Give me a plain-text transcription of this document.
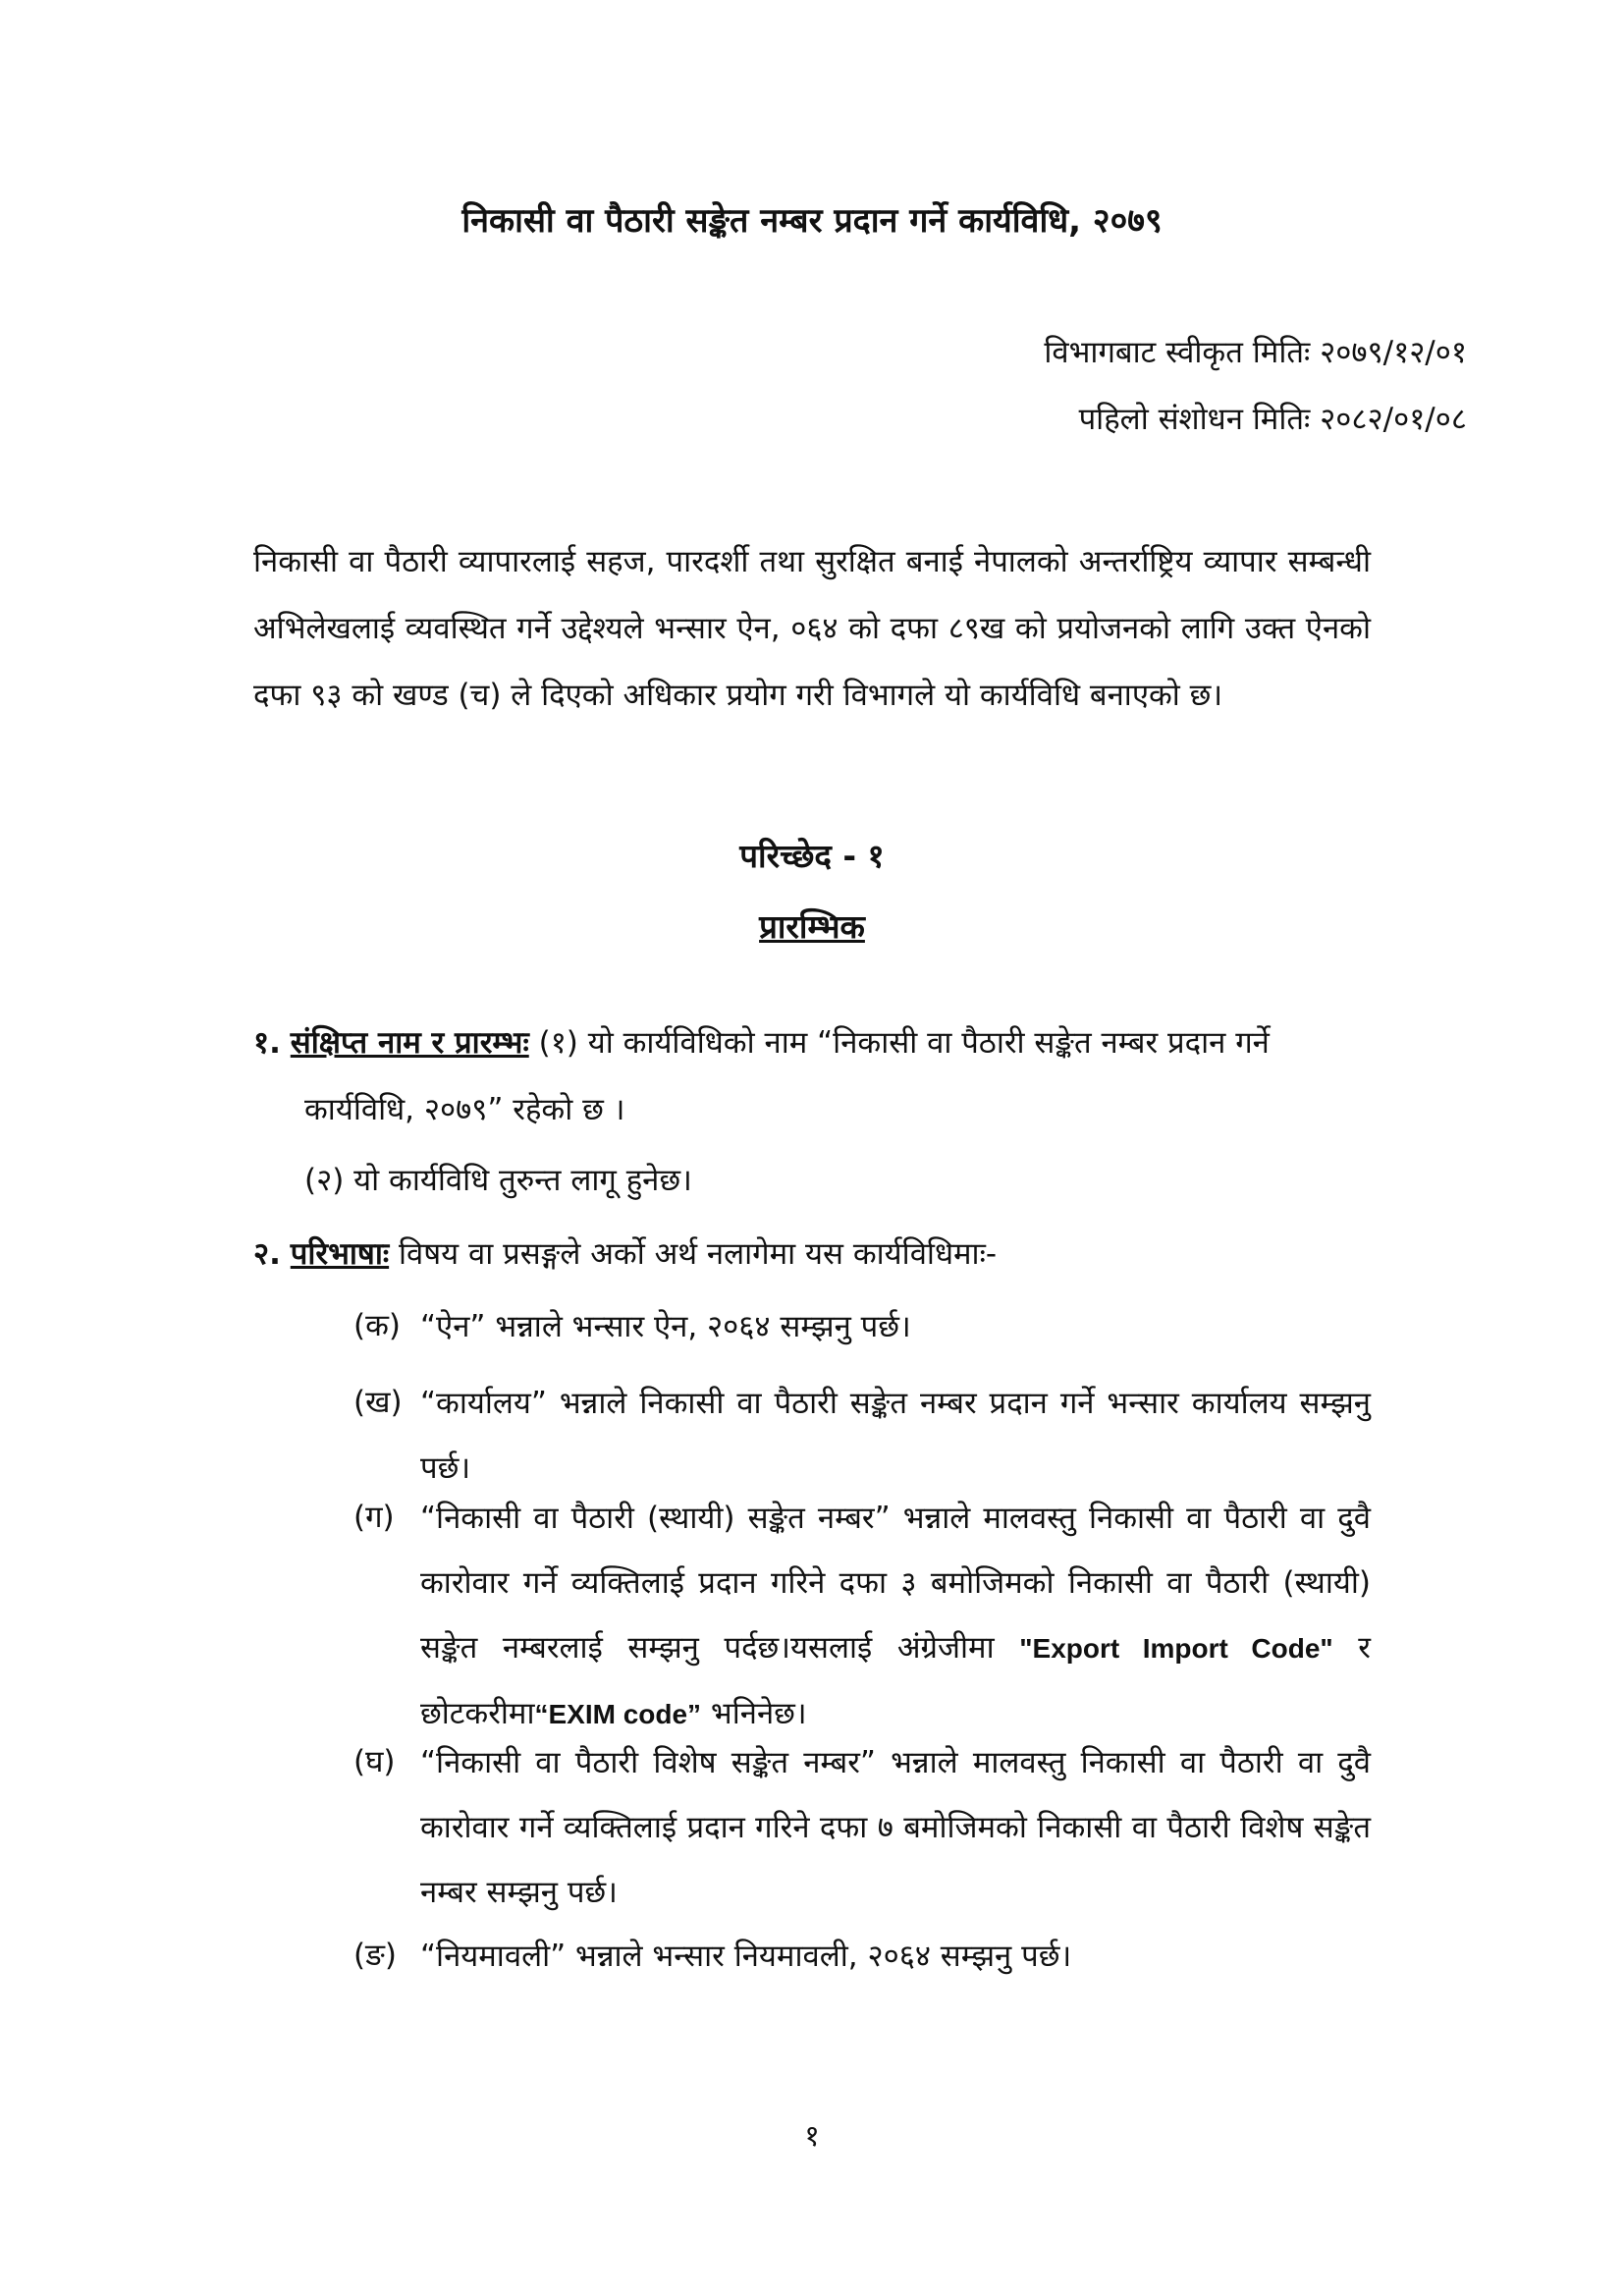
निकासी वा पैठारी सङ्केत नम्बर प्रदान गर्ने कार्यविधि, २०७९
विभागबाट स्वीकृत मितिः २०७९/१२/०१
पहिलो संशोधन मितिः २०८२/०१/०८
निकासी वा पैठारी व्यापारलाई सहज, पारदर्शी तथा सुरक्षित बनाई नेपालको अन्तर्राष्ट्रिय व्यापार सम्बन्धी अभिलेखलाई व्यवस्थित गर्ने उद्देश्यले भन्सार ऐन, ०६४ को दफा ८९ख को प्रयोजनको लागि उक्त ऐनको दफा ९३ को खण्ड (च) ले दिएको अधिकार प्रयोग गरी विभागले यो कार्यविधि बनाएको छ।
परिच्छेद - १
प्रारम्भिक
१. संक्षिप्त नाम र प्रारम्भः (१) यो कार्यविधिको नाम “निकासी वा पैठारी सङ्केत नम्बर प्रदान गर्ने
कार्यविधि, २०७९” रहेको छ ।
(२) यो कार्यविधि तुरुन्त लागू हुनेछ।
२. परिभाषाः विषय वा प्रसङ्गले अर्को अर्थ नलागेमा यस कार्यविधिमाः-
(क) “ऐन” भन्नाले भन्सार ऐन, २०६४ सम्झनु पर्छ।
(ख) “कार्यालय” भन्नाले निकासी वा पैठारी सङ्केत नम्बर प्रदान गर्ने भन्सार कार्यालय सम्झनु पर्छ।
(ग) “निकासी वा पैठारी (स्थायी) सङ्केत नम्बर” भन्नाले मालवस्तु निकासी वा पैठारी वा दुवै कारोवार गर्ने व्यक्तिलाई प्रदान गरिने दफा ३ बमोजिमको निकासी वा पैठारी (स्थायी) सङ्केत नम्बरलाई सम्झनु पर्दछ।यसलाई अंग्रेजीमा "Export Import Code" र छोटकरीमा“EXIM code” भनिनेछ।
(घ) “निकासी वा पैठारी विशेष सङ्केत नम्बर” भन्नाले मालवस्तु निकासी वा पैठारी वा दुवै कारोवार गर्ने व्यक्तिलाई प्रदान गरिने दफा ७ बमोजिमको निकासी वा पैठारी विशेष सङ्केत नम्बर सम्झनु पर्छ।
(ङ) “नियमावली” भन्नाले भन्सार नियमावली, २०६४ सम्झनु पर्छ।
१
